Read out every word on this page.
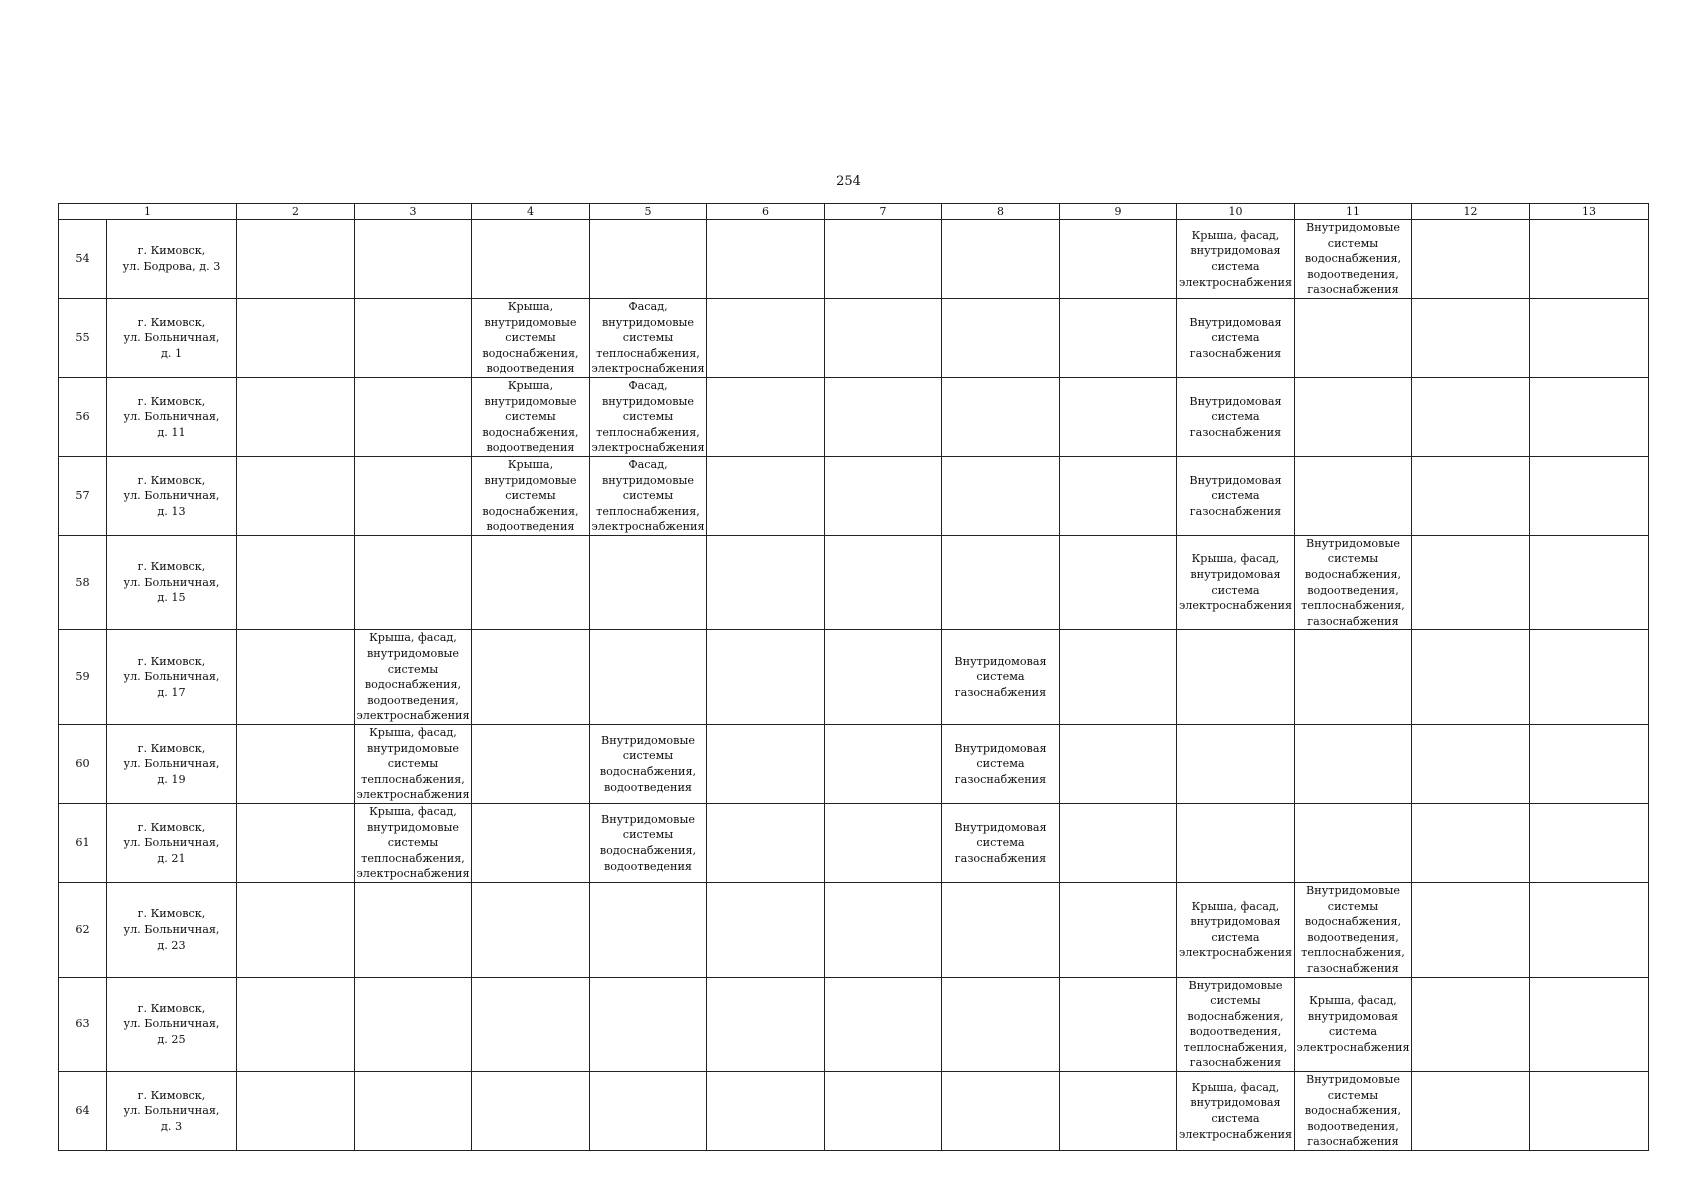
254
1		2	3	4	5	6	7	8	9	10	11	12	13
54	г. Кимовск,
ул. Бодрова, д. 3									Крыша, фасад, внутридомовая система электроснабжения	Внутридомовые системы водоснабжения, водоотведения, газоснабжения		

55	г. Кимовск,
ул. Больничная,
д. 1			Крыша, внутридомовые системы водоснабжения, водоотведения	Фасад, внутридомовые системы теплоснабжения, электроснабжения					Внутридомовая система газоснабжения			

56	г. Кимовск,
ул. Больничная,
д. 11			Крыша, внутридомовые системы водоснабжения, водоотведения	Фасад, внутридомовые системы теплоснабжения, электроснабжения					Внутридомовая система газоснабжения			

57	г. Кимовск,
ул. Больничная,
д. 13			Крыша, внутридомовые системы водоснабжения, водоотведения	Фасад, внутридомовые системы теплоснабжения, электроснабжения					Внутридомовая система газоснабжения			

58	г. Кимовск,
ул. Больничная,
д. 15									Крыша, фасад, внутридомовая система электроснабжения	Внутридомовые системы водоснабжения, водоотведения, теплоснабжения, газоснабжения		

59	г. Кимовск,
ул. Больничная,
д. 17		Крыша, фасад, внутридомовые системы водоснабжения, водоотведения, электроснабжения					Внутридомовая система газоснабжения					

60	г. Кимовск,
ул. Больничная,
д. 19		Крыша, фасад, внутридомовые системы теплоснабжения, электроснабжения		Внутридомовые системы водоснабжения, водоотведения			Внутридомовая система газоснабжения					

61	г. Кимовск,
ул. Больничная,
д. 21		Крыша, фасад, внутридомовые системы теплоснабжения, электроснабжения		Внутридомовые системы водоснабжения, водоотведения			Внутридомовая система газоснабжения					

62	г. Кимовск,
ул. Больничная,
д. 23									Крыша, фасад, внутридомовая система электроснабжения	Внутридомовые системы водоснабжения, водоотведения, теплоснабжения, газоснабжения		

63	г. Кимовск,
ул. Больничная,
д. 25									Внутридомовые системы водоснабжения, водоотведения, теплоснабжения, газоснабжения	Крыша, фасад, внутридомовая система электроснабжения		

64	г. Кимовск,
ул. Больничная,
д. 3									Крыша, фасад, внутридомовая система электроснабжения	Внутридомовые системы водоснабжения, водоотведения, газоснабжения		
